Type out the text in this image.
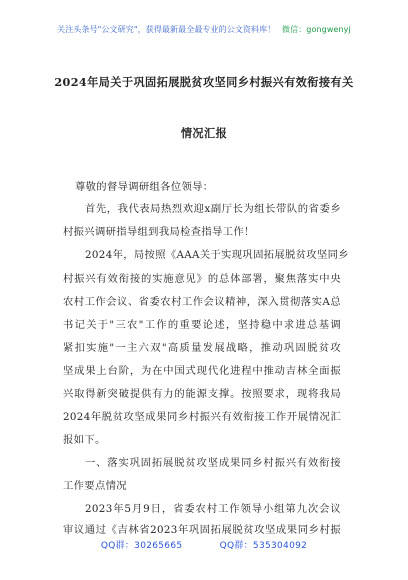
关注头条号"公文研究"，获得最新最全最专业的公文资料库！ 微信：gongwenyj
2024年局关于巩固拓展脱贫攻坚同乡村振兴有效衔接有关
情况汇报
尊敬的督导调研组各位领导：
首先，我代表局热烈欢迎x副厅长为组长带队的省委乡
村振兴调研指导组到我局检查指导工作！
2024年，局按照《AAA关于实现巩固拓展脱贫攻坚同乡
村振兴有效衔接的实施意见》的总体部署，聚焦落实中央
农村工作会议、省委农村工作会议精神，深入贯彻落实A总
书记关于"三农"工作的重要论述，坚持稳中求进总基调
紧扣实施"一主六双"高质量发展战略，推动巩固脱贫攻
坚成果上台阶，为在中国式现代化进程中推动吉林全面振
兴取得新突破提供有力的能源支撑。按照要求，现将我局
2024年脱贫攻坚成果同乡村振兴有效衔接工作开展情况汇
报如下。
一、落实巩固拓展脱贫攻坚成果同乡村振兴有效衔接
工作要点情况
2023年5月9日，省委农村工作领导小组第九次会议
审议通过《吉林省2023年巩固拓展脱贫攻坚成果同乡村振
QQ群：30265665	QQ群：535304092
